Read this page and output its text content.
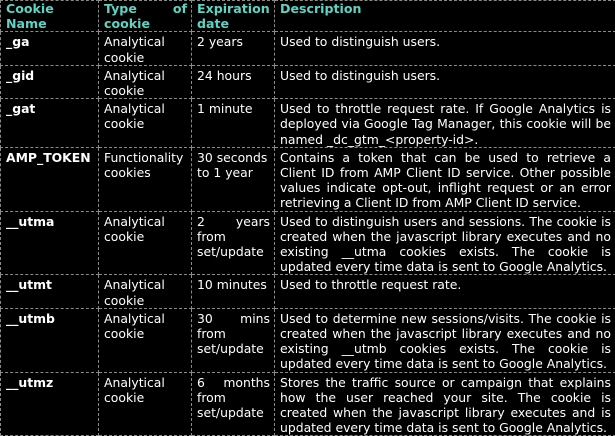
Cookie Name	Type of cookie	Expiration date	Description
_ga	Analytical cookie	2 years	Used to distinguish users.
_gid	Analytical cookie	24 hours	Used to distinguish users.
_gat	Analytical cookie	1 minute	Used to throttle request rate. If Google Analytics is deployed via Google Tag Manager, this cookie will be named _dc_gtm_<property-id>.
AMP_TOKEN	Functionality cookies	30 seconds to 1 year	Contains a token that can be used to retrieve a Client ID from AMP Client ID service. Other possible values indicate opt-out, inflight request or an error retrieving a Client ID from AMP Client ID service.
__utma	Analytical cookie	2 years from set/update	Used to distinguish users and sessions. The cookie is created when the javascript library executes and no existing __utma cookies exists. The cookie is updated every time data is sent to Google Analytics.
__utmt	Analytical cookie	10 minutes	Used to throttle request rate.
__utmb	Analytical cookie	30 mins from set/update	Used to determine new sessions/visits. The cookie is created when the javascript library executes and no existing __utmb cookies exists. The cookie is updated every time data is sent to Google Analytics.
__utmz	Analytical cookie	6 months from set/update	Stores the traffic source or campaign that explains how the user reached your site. The cookie is created when the javascript library executes and is updated every time data is sent to Google Analytics.
